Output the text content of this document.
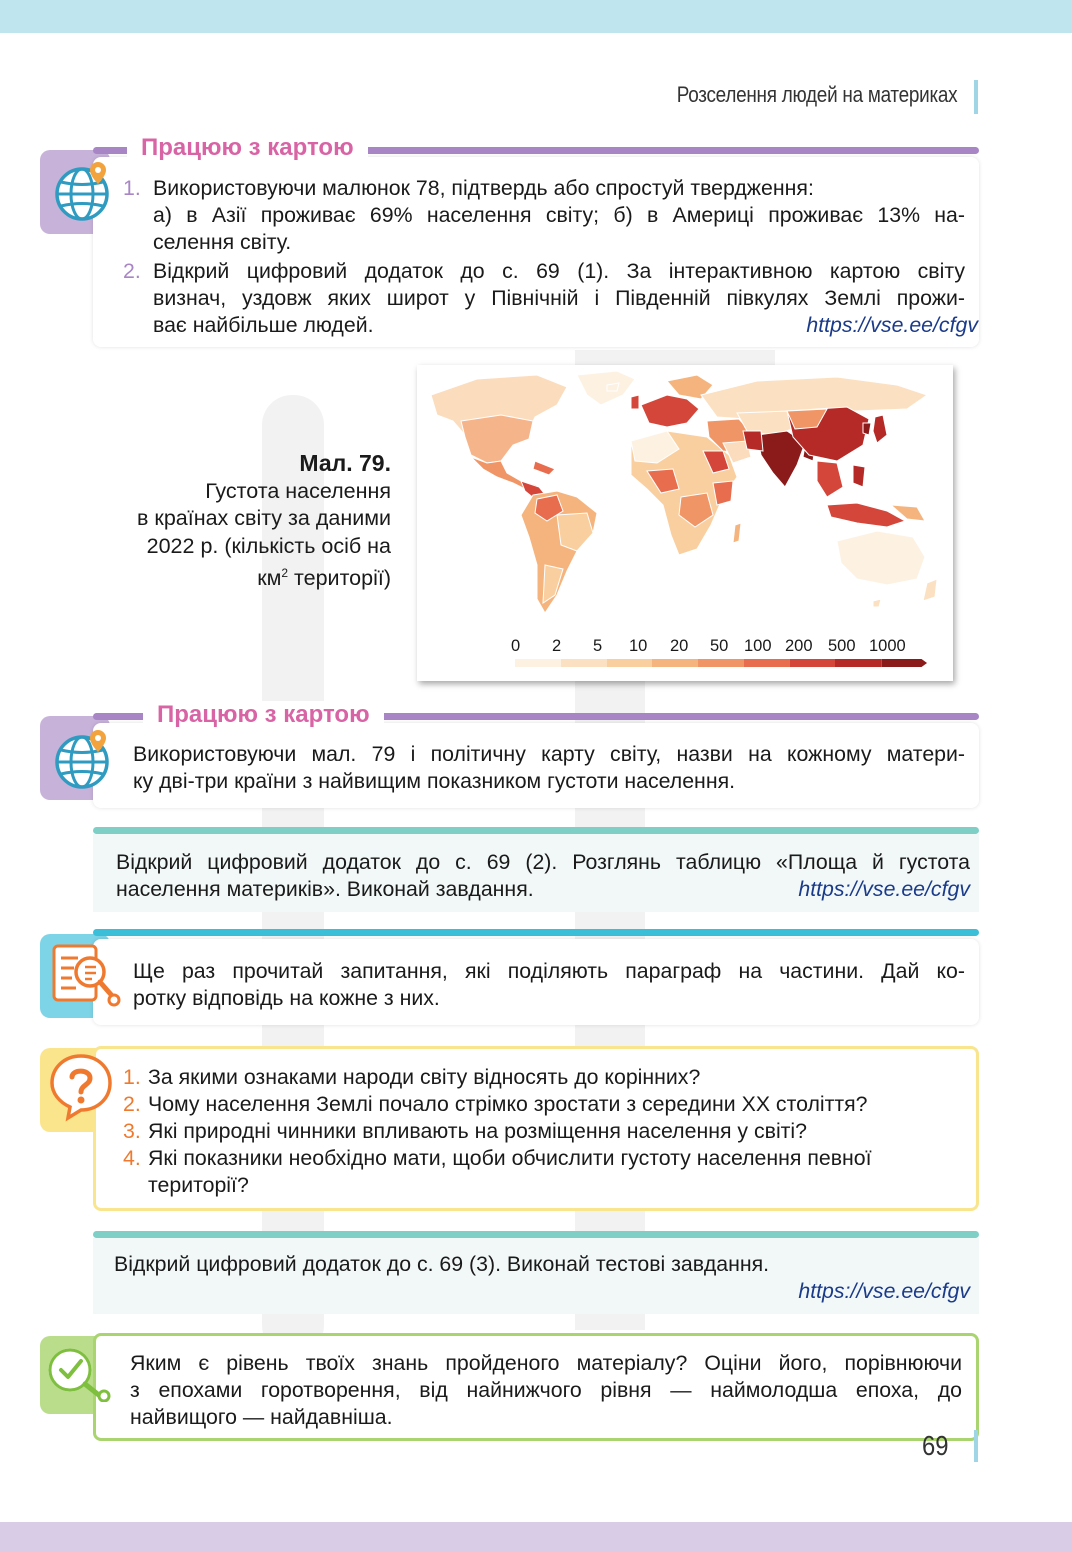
Розселення людей на материках
Працюю з картою
1. Використовуючи малюнок 78, підтвердь або спростуй твердження:
а) в Азії проживає 69% населення світу; б) в Америці проживає 13% на-
селення світу.
2. Відкрий цифровий додаток до с. 69 (1). За інтерактивною картою світу
визнач, уздовж яких широт у Північній і Південній півкулях Землі прожи-
ває найбільше людей.	https://vse.ee/cfgv
Мал. 79.
Густота населення
в країнах світу за даними
2022 р. (кількість осіб на
$км^2$ території)
0 2 5 10 20 50 100 200 500 1000
Працюю з картою
Використовуючи мал. 79 і політичну карту світу, назви на кожному матери-
ку дві-три країни з найвищим показником густоти населення.
Відкрий цифровий додаток до с. 69 (2). Розглянь таблицю «Площа й густота
населення материків». Виконай завдання.	https://vse.ee/cfgv
Ще раз прочитай запитання, які поділяють параграф на частини. Дай ко-
ротку відповідь на кожне з них.
1. За якими ознаками народи світу відносять до корінних?
2. Чому населення Землі почало стрімко зростати з середини XX століття?
3. Які природні чинники впливають на розміщення населення у світі?
4. Які показники необхідно мати, щоби обчислити густоту населення певної
території?
Відкрий цифровий додаток до с. 69 (3). Виконай тестові завдання.
https://vse.ee/cfgv
Яким є рівень твоїх знань пройденого матеріалу? Оціни його, порівнюючи
з епохами горотворення, від найнижчого рівня — наймолодша епоха, до
найвищого — найдавніша.
69
